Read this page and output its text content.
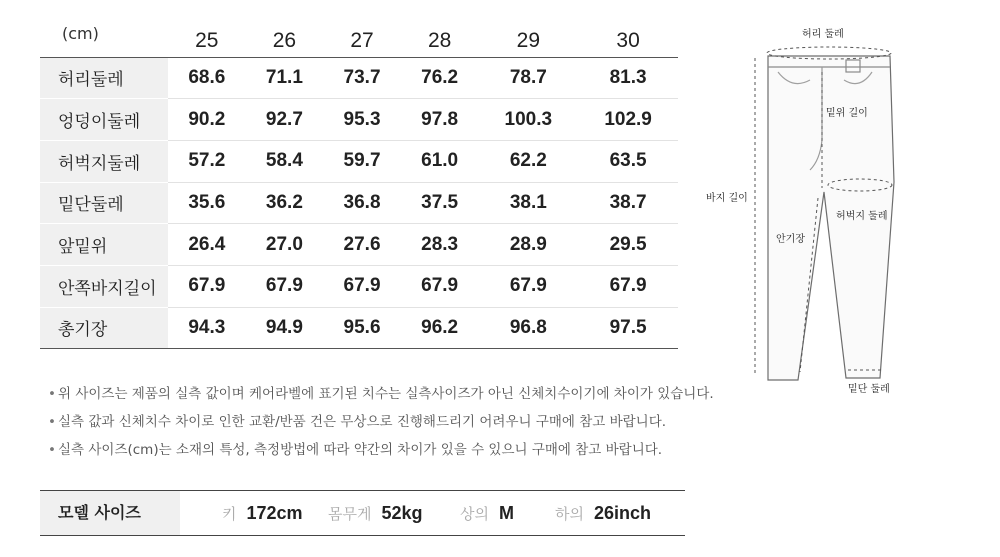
(cm)	25	26	27	28	29	30
허리둘레	68.6	71.1	73.7	76.2	78.7	81.3
엉덩이둘레	90.2	92.7	95.3	97.8	100.3	102.9
허벅지둘레	57.2	58.4	59.7	61.0	62.2	63.5
밑단둘레	35.6	36.2	36.8	37.5	38.1	38.7
앞밑위	26.4	27.0	27.6	28.3	28.9	29.5
안쪽바지길이	67.9	67.9	67.9	67.9	67.9	67.9
총기장	94.3	94.9	95.6	96.2	96.8	97.5
• 위 사이즈는 제품의 실측 값이며 케어라벨에 표기된 치수는 실측사이즈가 아닌 신체치수이기에 차이가 있습니다.
• 실측 값과 신체치수 차이로 인한 교환/반품 건은 무상으로 진행해드리기 어려우니 구매에 참고 바랍니다.
• 실측 사이즈(cm)는 소재의 특성, 측정방법에 따라 약간의 차이가 있을 수 있으니 구매에 참고 바랍니다.
모델 사이즈	키 172cm 몸무게 52kg 상의 M	하의 26inch
허리 둘레
밑위 길이
바지 길이
허벅지 둘레
안기장
밑단 둘레
